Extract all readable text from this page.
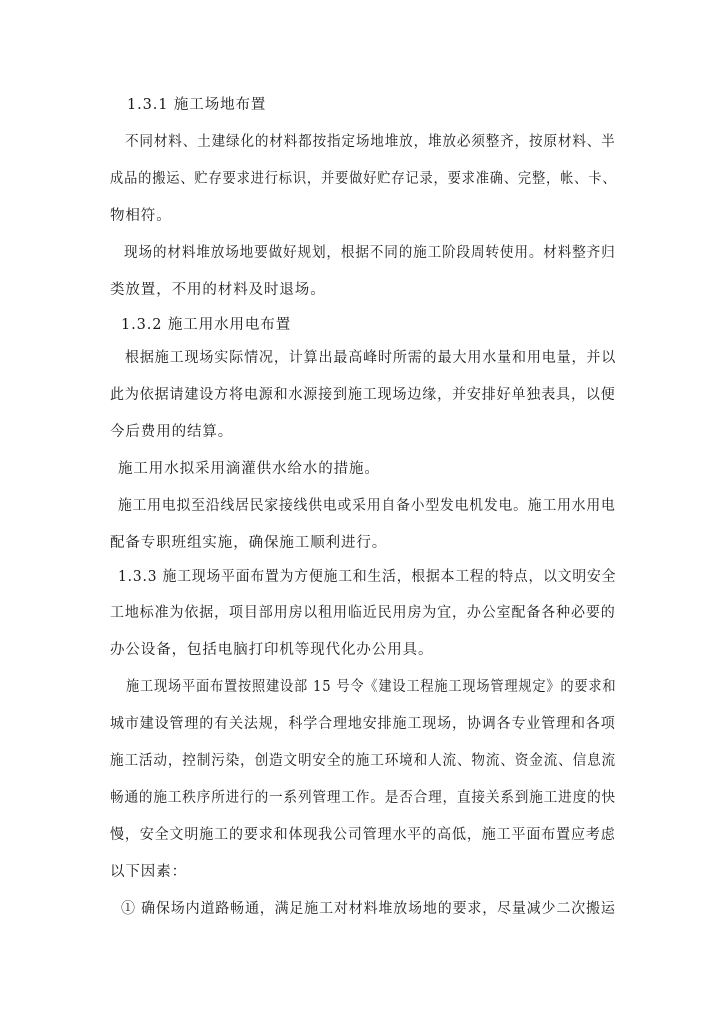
1.3.1 施工场地布置
不同材料、土建绿化的材料都按指定场地堆放，堆放必须整齐，按原材料、半
成品的搬运、贮存要求进行标识，并要做好贮存记录，要求准确、完整，帐、卡、
物相符。
现场的材料堆放场地要做好规划，根据不同的施工阶段周转使用。材料整齐归
类放置，不用的材料及时退场。
1.3.2 施工用水用电布置
根据施工现场实际情况，计算出最高峰时所需的最大用水量和用电量，并以
此为依据请建设方将电源和水源接到施工现场边缘，并安排好单独表具，以便
今后费用的结算。
施工用水拟采用滴灌供水给水的措施。
施工用电拟至沿线居民家接线供电或采用自备小型发电机发电。施工用水用电
配备专职班组实施，确保施工顺利进行。
1.3.3 施工现场平面布置为方便施工和生活，根据本工程的特点，以文明安全
工地标准为依据，项目部用房以租用临近民用房为宜，办公室配备各种必要的
办公设备，包括电脑打印机等现代化办公用具。
施工现场平面布置按照建设部 15 号令《建设工程施工现场管理规定》的要求和
城市建设管理的有关法规，科学合理地安排施工现场，协调各专业管理和各项
施工活动，控制污染，创造文明安全的施工环境和人流、物流、资金流、信息流
畅通的施工秩序所进行的一系列管理工作。是否合理，直接关系到施工进度的快
慢，安全文明施工的要求和体现我公司管理水平的高低，施工平面布置应考虑
以下因素：
① 确保场内道路畅通，满足施工对材料堆放场地的要求，尽量减少二次搬运
